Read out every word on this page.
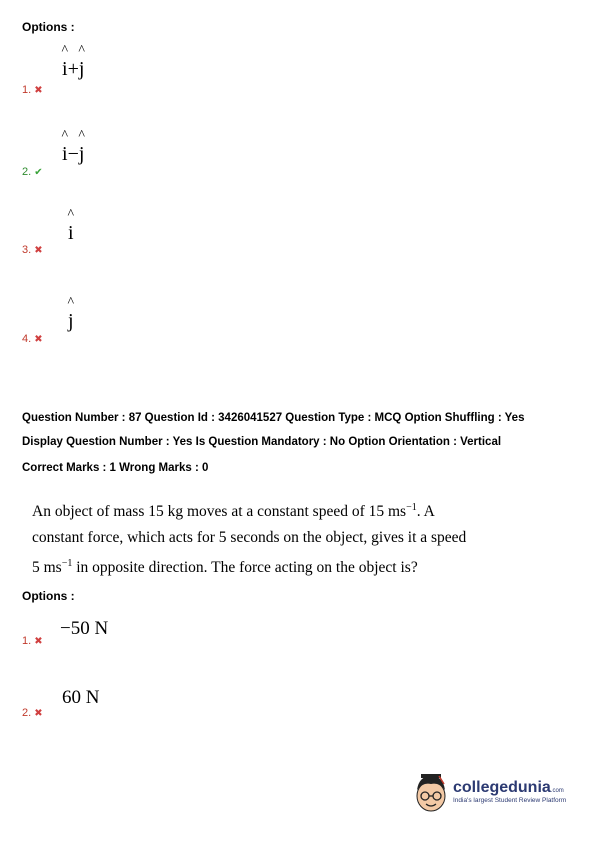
Options :
^
i+
^
j
1. ✖
^
i−
^
j
2. ✔
^
i
3. ✖
^
j
4. ✖
Question Number : 87 Question Id : 3426041527 Question Type : MCQ Option Shuffling : Yes
Display Question Number : Yes Is Question Mandatory : No Option Orientation : Vertical
Correct Marks : 1 Wrong Marks : 0
An object of mass 15 kg moves at a constant speed of 15 $ms^{-1}$. A constant force, which acts for 5 seconds on the object, gives it a speed 5 $ms^{-1}$ in opposite direction. The force acting on the object is?
Options :
−50 N
1. ✖
60 N
2. ✖
collegedunia.com
India's largest Student Review Platform
